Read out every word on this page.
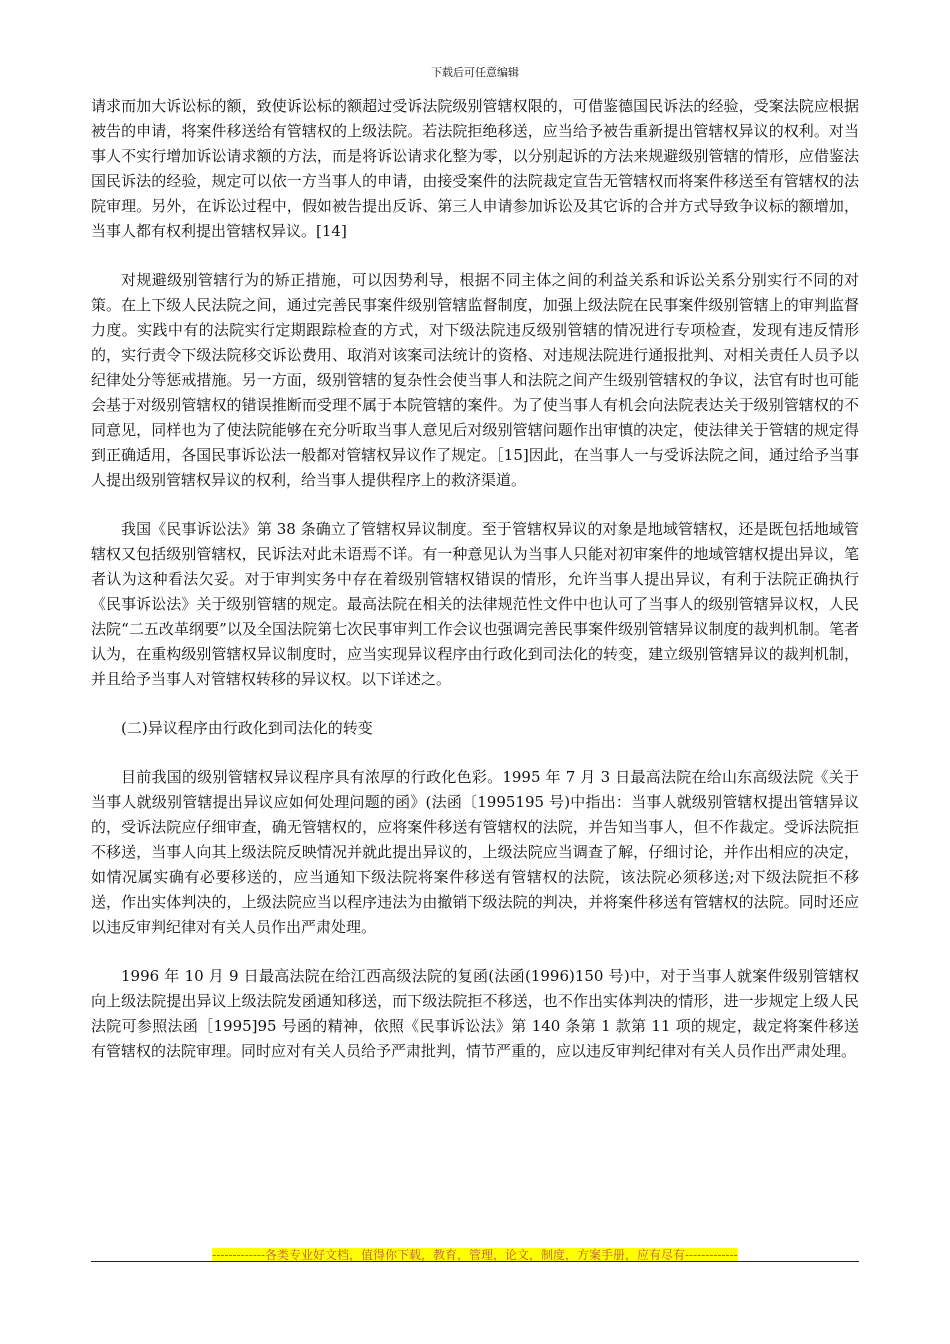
下载后可任意编辑

请求而加大诉讼标的额，致使诉讼标的额超过受诉法院级别管辖权限的，可借鉴德国民诉法的经验，受案法院应根据被告的申请，将案件移送给有管辖权的上级法院。若法院拒绝移送，应当给予被告重新提出管辖权异议的权利。对当事人不实行增加诉讼请求额的方法，而是将诉讼请求化整为零，以分别起诉的方法来规避级别管辖的情形，应借鉴法国民诉法的经验，规定可以依一方当事人的申请，由接受案件的法院裁定宣告无管辖权而将案件移送至有管辖权的法院审理。另外，在诉讼过程中，假如被告提出反诉、第三人申请参加诉讼及其它诉的合并方式导致争议标的额增加，当事人都有权利提出管辖权异议。[14]

对规避级别管辖行为的矫正措施，可以因势利导，根据不同主体之间的利益关系和诉讼关系分别实行不同的对策。在上下级人民法院之间，通过完善民事案件级别管辖监督制度，加强上级法院在民事案件级别管辖上的审判监督力度。实践中有的法院实行定期跟踪检查的方式，对下级法院违反级别管辖的情况进行专项检查，发现有违反情形的，实行责令下级法院移交诉讼费用、取消对该案司法统计的资格、对违规法院进行通报批判、对相关责任人员予以纪律处分等惩戒措施。另一方面，级别管辖的复杂性会使当事人和法院之间产生级别管辖权的争议，法官有时也可能会基于对级别管辖权的错误推断而受理不属于本院管辖的案件。为了使当事人有机会向法院表达关于级别管辖权的不同意见，同样也为了使法院能够在充分听取当事人意见后对级别管辖问题作出审慎的决定，使法律关于管辖的规定得到正确适用，各国民事诉讼法一般都对管辖权异议作了规定。［15]因此，在当事人一与受诉法院之间，通过给予当事人提出级别管辖权异议的权利，给当事人提供程序上的救济渠道。

我国《民事诉讼法》第 38 条确立了管辖权异议制度。至于管辖权异议的对象是地域管辖权，还是既包括地域管辖权又包括级别管辖权，民诉法对此未语焉不详。有一种意见认为当事人只能对初审案件的地域管辖权提出异议，笔者认为这种看法欠妥。对于审判实务中存在着级别管辖权错误的情形，允许当事人提出异议，有利于法院正确执行《民事诉讼法》关于级别管辖的规定。最高法院在相关的法律规范性文件中也认可了当事人的级别管辖异议权，人民法院“二五改革纲要”以及全国法院第七次民事审判工作会议也强调完善民事案件级别管辖异议制度的裁判机制。笔者认为，在重构级别管辖权异议制度时，应当实现异议程序由行政化到司法化的转变，建立级别管辖异议的裁判机制，并且给予当事人对管辖权转移的异议权。以下详述之。

(二)异议程序由行政化到司法化的转变

目前我国的级别管辖权异议程序具有浓厚的行政化色彩。1995 年 7 月 3 日最高法院在给山东高级法院《关于当事人就级别管辖提出异议应如何处理问题的函》(法函〔1995195 号)中指出：当事人就级别管辖权提出管辖异议的，受诉法院应仔细审查，确无管辖权的，应将案件移送有管辖权的法院，并告知当事人，但不作裁定。受诉法院拒不移送，当事人向其上级法院反映情况并就此提出异议的，上级法院应当调查了解，仔细讨论，并作出相应的决定，如情况属实确有必要移送的，应当通知下级法院将案件移送有管辖权的法院，该法院必须移送;对下级法院拒不移送，作出实体判决的，上级法院应当以程序违法为由撤销下级法院的判决，并将案件移送有管辖权的法院。同时还应以违反审判纪律对有关人员作出严肃处理。

1996 年 10 月 9 日最高法院在给江西高级法院的复函(法函(1996)150 号)中，对于当事人就案件级别管辖权向上级法院提出异议上级法院发函通知移送，而下级法院拒不移送，也不作出实体判决的情形，进一步规定上级人民法院可参照法函［1995]95 号函的精神，依照《民事诉讼法》第 140 条第 1 款第 11 项的规定，裁定将案件移送有管辖权的法院审理。同时应对有关人员给予严肃批判，情节严重的，应以违反审判纪律对有关人员作出严肃处理。

-------------各类专业好文档，值得你下载，教育，管理，论文，制度，方案手册，应有尽有-------------
